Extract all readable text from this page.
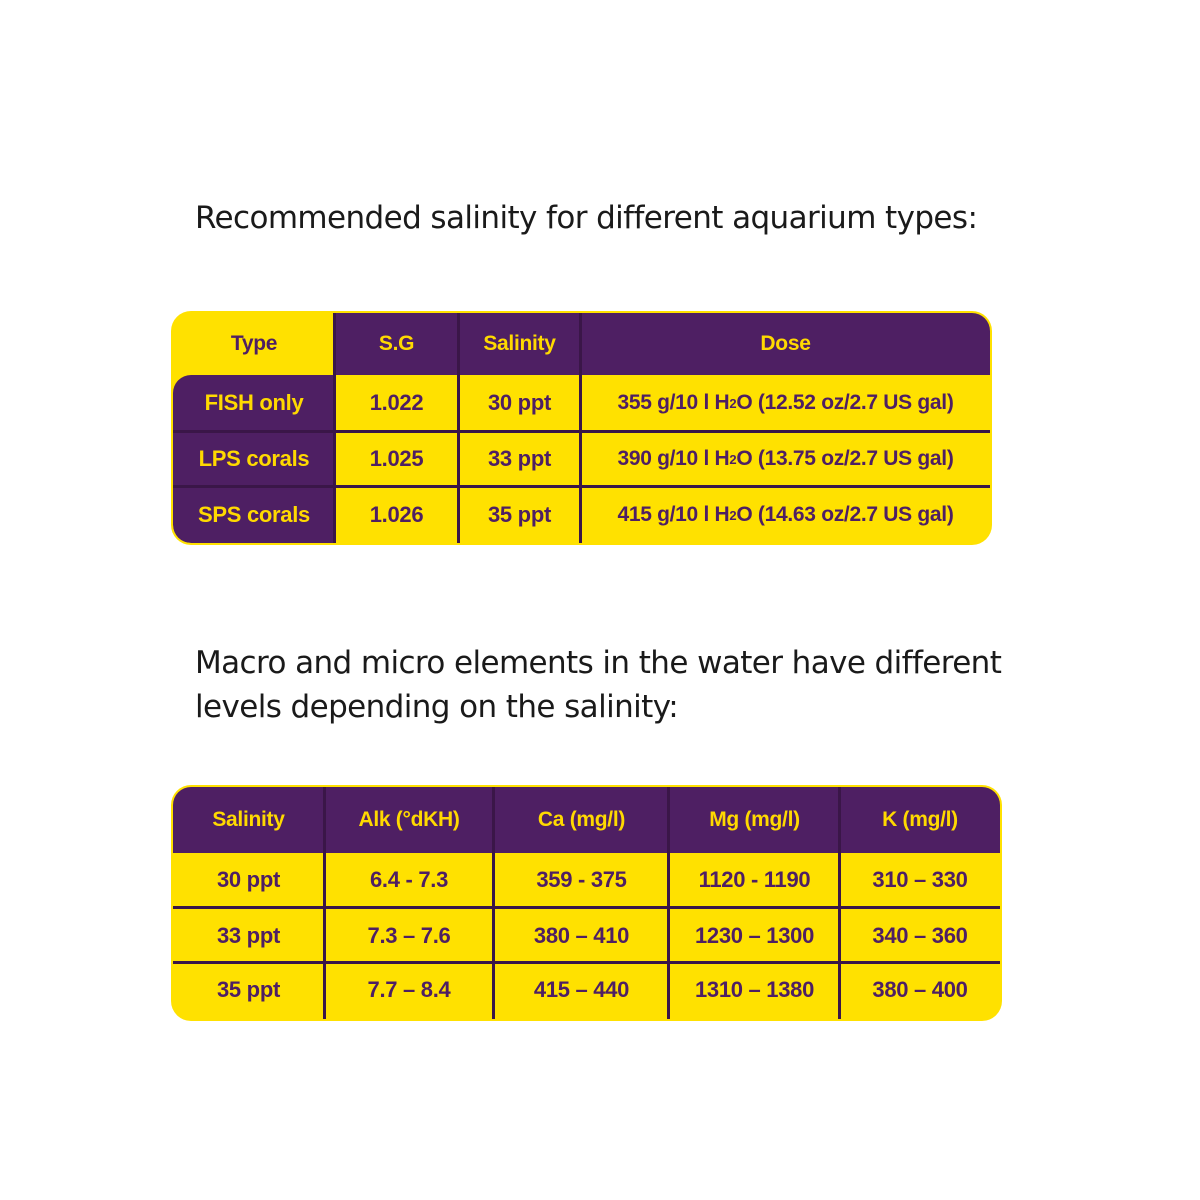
Recommended salinity for different aquarium types:
Type	S.G	Salinity	Dose
FISH only	1.022	30 ppt	355 g/10 l H 2 O (12.52 oz/2.7 US gal)
LPS corals	1.025	33 ppt	390 g/10 l H 2 O (13.75 oz/2.7 US gal)
SPS corals	1.026	35 ppt	415 g/10 l H 2 O (14.63 oz/2.7 US gal)
Macro and micro elements in the water have different
levels depending on the salinity:
Salinity	Alk (°dKH)	Ca (mg/l)	Mg (mg/l)	K (mg/l)
30 ppt	6.4 - 7.3	359 - 375	1120 - 1190	310 – 330
33 ppt	7.3 – 7.6	380 – 410	1230 – 1300	340 – 360
35 ppt	7.7 – 8.4	415 – 440	1310 – 1380	380 – 400
